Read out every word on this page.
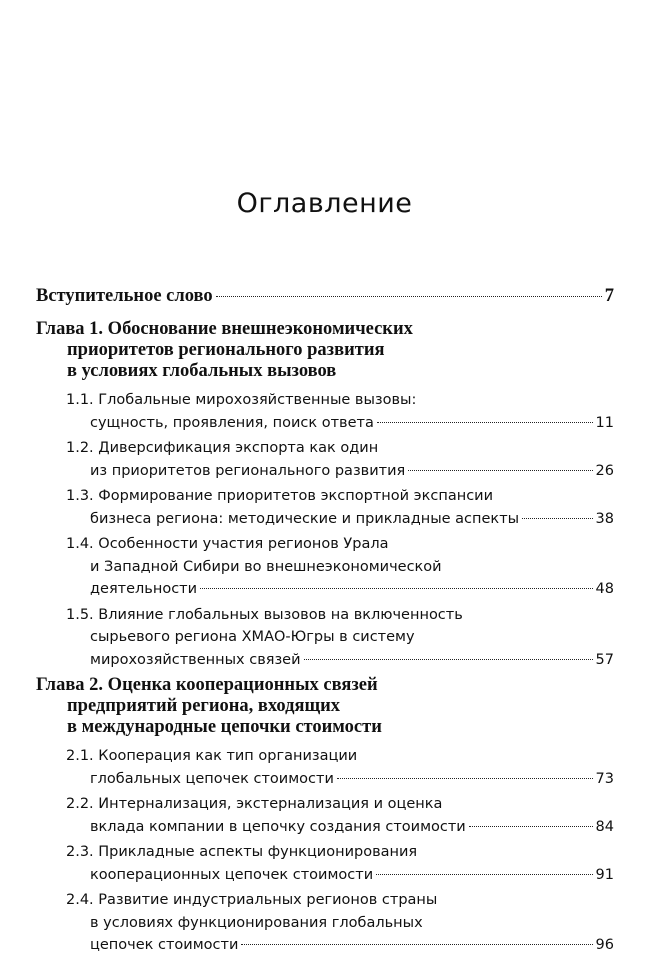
Оглавление
Вступительное слово	7
Глава 1. Обоснование внешнеэкономических
приоритетов регионального развития
в условиях глобальных вызовов
1.1. Глобальные мирохозяйственные вызовы:
сущность, проявления, поиск ответа	11
1.2. Диверсификация экспорта как один
из приоритетов регионального развития	26
1.3. Формирование приоритетов экспортной экспансии
бизнеса региона: методические и прикладные аспекты	38
1.4. Особенности участия регионов Урала
и Западной Сибири во внешнеэкономической
деятельности	48
1.5. Влияние глобальных вызовов на включенность
сырьевого региона ХМАО-Югры в систему
мирохозяйственных связей	57
Глава 2. Оценка кооперационных связей
предприятий региона, входящих
в международные цепочки стоимости
2.1. Кооперация как тип организации
глобальных цепочек стоимости	73
2.2. Интернализация, экстернализация и оценка
вклада компании в цепочку создания стоимости	84
2.3. Прикладные аспекты функционирования
кооперационных цепочек стоимости	91
2.4. Развитие индустриальных регионов страны
в условиях функционирования глобальных
цепочек стоимости	96
